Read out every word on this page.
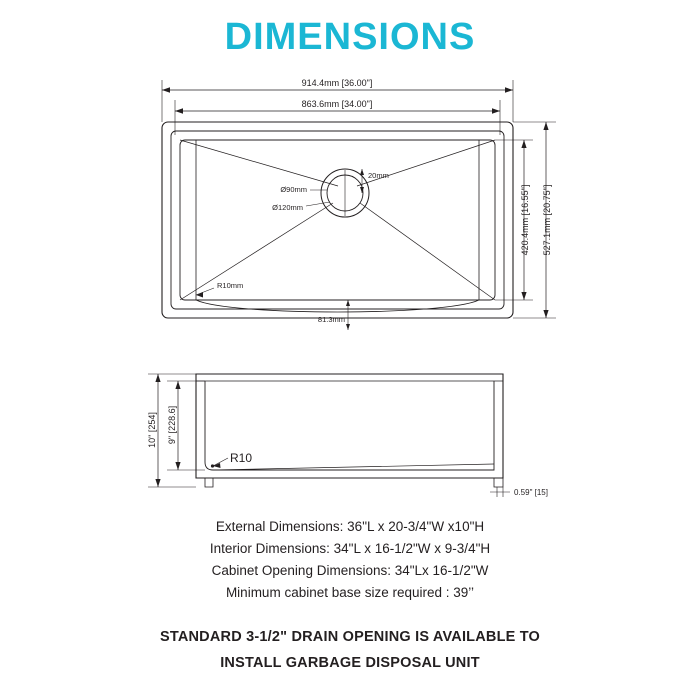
DIMENSIONS
914.4mm [36.00"]
863.6mm [34.00"]
20mm
Ø90mm
Ø120mm
R10mm
81.3mm
420.4mm [16.55"] 527.1mm [20.75"]
9" [228.6]
10" [254]
R10
0.59" [15]
External Dimensions: 36"L x 20-3/4"W x10"H
Interior Dimensions: 34"L x 16-1/2"W x 9-3/4"H
Cabinet Opening Dimensions: 34"Lx 16-1/2"W
Minimum cabinet base size required : 39’’
STANDARD 3-1/2" DRAIN OPENING IS AVAILABLE TO
INSTALL GARBAGE DISPOSAL UNIT
